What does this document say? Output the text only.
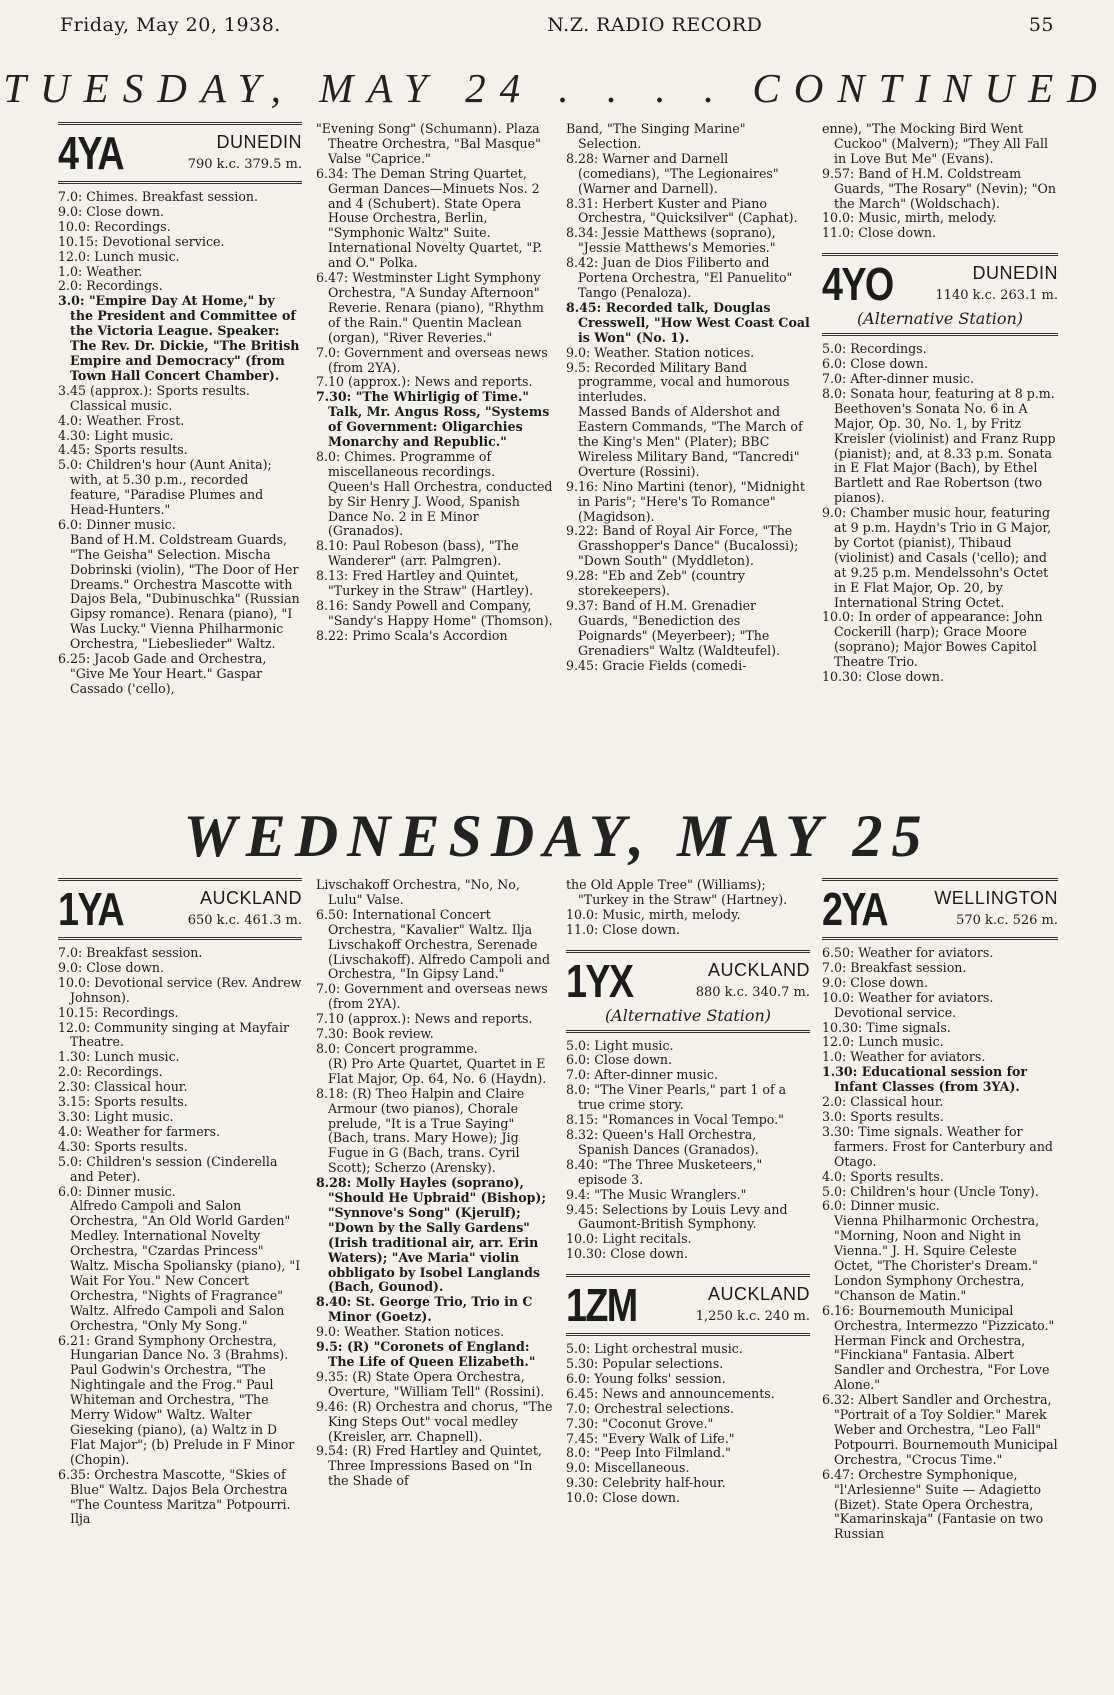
Friday, May 20, 1938.	N.Z. RADIO RECORD	55
TUESDAY, MAY 24 . . . . CONTINUED
4YA	DUNEDIN
790 k.c. 379.5 m.

7.0: Chimes. Breakfast session.

9.0: Close down.

10.0: Recordings.

10.15: Devotional service.

12.0: Lunch music.

1.0: Weather.

2.0: Recordings.

3.0: "Empire Day At Home," by the President and Committee of the Victoria League. Speaker: The Rev. Dr. Dickie, "The British Empire and Democracy" (from Town Hall Concert Chamber).

3.45 (approx.): Sports results. Classical music.

4.0: Weather. Frost.

4.30: Light music.

4.45: Sports results.

5.0: Children's hour (Aunt Anita); with, at 5.30 p.m., recorded feature, "Paradise Plumes and Head-Hunters."

6.0: Dinner music.

Band of H.M. Coldstream Guards, "The Geisha" Selection. Mischa Dobrinski (violin), "The Door of Her Dreams." Orchestra Mascotte with Dajos Bela, "Dubinuschka" (Russian Gipsy romance). Renara (piano), "I Was Lucky." Vienna Philharmonic Orchestra, "Liebeslieder" Waltz.

6.25: Jacob Gade and Orchestra, "Give Me Your Heart." Gaspar Cassado ('cello),

"Evening Song" (Schumann). Plaza Theatre Orchestra, "Bal Masque" Valse "Caprice."

6.34: The Deman String Quartet, German Dances—Minuets Nos. 2 and 4 (Schubert). State Opera House Orchestra, Berlin, "Symphonic Waltz" Suite. International Novelty Quartet, "P. and O." Polka.

6.47: Westminster Light Symphony Orchestra, "A Sunday Afternoon" Reverie. Renara (piano), "Rhythm of the Rain." Quentin Maclean (organ), "River Reveries."

7.0: Government and overseas news (from 2YA).

7.10 (approx.): News and reports.

7.30: "The Whirligig of Time." Talk, Mr. Angus Ross, "Systems of Government: Oligarchies Monarchy and Republic."

8.0: Chimes. Programme of miscellaneous recordings.

Queen's Hall Orchestra, conducted by Sir Henry J. Wood, Spanish Dance No. 2 in E Minor (Granados).

8.10: Paul Robeson (bass), "The Wanderer" (arr. Palmgren).

8.13: Fred Hartley and Quintet, "Turkey in the Straw" (Hartley).

8.16: Sandy Powell and Company, "Sandy's Happy Home" (Thomson).

8.22: Primo Scala's Accordion

Band, "The Singing Marine" Selection.

8.28: Warner and Darnell (comedians), "The Legionaires" (Warner and Darnell).

8.31: Herbert Kuster and Piano Orchestra, "Quicksilver" (Caphat).

8.34: Jessie Matthews (soprano), "Jessie Matthews's Memories."

8.42: Juan de Dios Filiberto and Portena Orchestra, "El Panuelito" Tango (Penaloza).

8.45: Recorded talk, Douglas Cresswell, "How West Coast Coal is Won" (No. 1).

9.0: Weather. Station notices.

9.5: Recorded Military Band programme, vocal and humorous interludes.

Massed Bands of Aldershot and Eastern Commands, "The March of the King's Men" (Plater); BBC Wireless Military Band, "Tancredi" Overture (Rossini).

9.16: Nino Martini (tenor), "Midnight in Paris"; "Here's To Romance" (Magidson).

9.22: Band of Royal Air Force, "The Grasshopper's Dance" (Bucalossi); "Down South" (Myddleton).

9.28: "Eb and Zeb" (country storekeepers).

9.37: Band of H.M. Grenadier Guards, "Benediction des Poignards" (Meyerbeer); "The Grenadiers" Waltz (Waldteufel).

9.45: Gracie Fields (comedi-

enne), "The Mocking Bird Went Cuckoo" (Malvern); "They All Fall in Love But Me" (Evans).

9.57: Band of H.M. Coldstream Guards, "The Rosary" (Nevin); "On the March" (Woldschach).

10.0: Music, mirth, melody.

11.0: Close down.

4YO	DUNEDIN
1140 k.c. 263.1 m.
(Alternative Station)

5.0: Recordings.

6.0: Close down.

7.0: After-dinner music.

8.0: Sonata hour, featuring at 8 p.m. Beethoven's Sonata No. 6 in A Major, Op. 30, No. 1, by Fritz Kreisler (violinist) and Franz Rupp (pianist); and, at 8.33 p.m. Sonata in E Flat Major (Bach), by Ethel Bartlett and Rae Robertson (two pianos).

9.0: Chamber music hour, featuring at 9 p.m. Haydn's Trio in G Major, by Cortot (pianist), Thibaud (violinist) and Casals ('cello); and at 9.25 p.m. Mendelssohn's Octet in E Flat Major, Op. 20, by International String Octet.

10.0: In order of appearance: John Cockerill (harp); Grace Moore (soprano); Major Bowes Capitol Theatre Trio.

10.30: Close down.

WEDNESDAY, MAY 25
1YA	AUCKLAND
650 k.c. 461.3 m.

7.0: Breakfast session.

9.0: Close down.

10.0: Devotional service (Rev. Andrew Johnson).

10.15: Recordings.

12.0: Community singing at Mayfair Theatre.

1.30: Lunch music.

2.0: Recordings.

2.30: Classical hour.

3.15: Sports results.

3.30: Light music.

4.0: Weather for farmers.

4.30: Sports results.

5.0: Children's session (Cinderella and Peter).

6.0: Dinner music.

Alfredo Campoli and Salon Orchestra, "An Old World Garden" Medley. International Novelty Orchestra, "Czardas Princess" Waltz. Mischa Spoliansky (piano), "I Wait For You." New Concert Orchestra, "Nights of Fragrance" Waltz. Alfredo Campoli and Salon Orchestra, "Only My Song."

6.21: Grand Symphony Orchestra, Hungarian Dance No. 3 (Brahms). Paul Godwin's Orchestra, "The Nightingale and the Frog." Paul Whiteman and Orchestra, "The Merry Widow" Waltz. Walter Gieseking (piano), (a) Waltz in D Flat Major"; (b) Prelude in F Minor (Chopin).

6.35: Orchestra Mascotte, "Skies of Blue" Waltz. Dajos Bela Orchestra "The Countess Maritza" Potpourri. Ilja

Livschakoff Orchestra, "No, No, Lulu" Valse.

6.50: International Concert Orchestra, "Kavalier" Waltz. Ilja Livschakoff Orchestra, Serenade (Livschakoff). Alfredo Campoli and Orchestra, "In Gipsy Land."

7.0: Government and overseas news (from 2YA).

7.10 (approx.): News and reports.

7.30: Book review.

8.0: Concert programme.

(R) Pro Arte Quartet, Quartet in E Flat Major, Op. 64, No. 6 (Haydn).

8.18: (R) Theo Halpin and Claire Armour (two pianos), Chorale prelude, "It is a True Saying" (Bach, trans. Mary Howe); Jig Fugue in G (Bach, trans. Cyril Scott); Scherzo (Arensky).

8.28: Molly Hayles (soprano), "Should He Upbraid" (Bishop); "Synnove's Song" (Kjerulf); "Down by the Sally Gardens" (Irish traditional air, arr. Erin Waters); "Ave Maria" violin obbligato by Isobel Langlands (Bach, Gounod).

8.40: St. George Trio, Trio in C Minor (Goetz).

9.0: Weather. Station notices.

9.5: (R) "Coronets of England: The Life of Queen Elizabeth."

9.35: (R) State Opera Orchestra, Overture, "William Tell" (Rossini).

9.46: (R) Orchestra and chorus, "The King Steps Out" vocal medley (Kreisler, arr. Chapnell).

9.54: (R) Fred Hartley and Quintet, Three Impressions Based on "In the Shade of

the Old Apple Tree" (Williams); "Turkey in the Straw" (Hartney).

10.0: Music, mirth, melody.

11.0: Close down.

1YX	AUCKLAND
880 k.c. 340.7 m.
(Alternative Station)

5.0: Light music.

6.0: Close down.

7.0: After-dinner music.

8.0: "The Viner Pearls," part 1 of a true crime story.

8.15: "Romances in Vocal Tempo."

8.32: Queen's Hall Orchestra, Spanish Dances (Granados).

8.40: "The Three Musketeers," episode 3.

9.4: "The Music Wranglers."

9.45: Selections by Louis Levy and Gaumont-British Symphony.

10.0: Light recitals.

10.30: Close down.

1ZM	AUCKLAND
1,250 k.c. 240 m.

5.0: Light orchestral music.

5.30: Popular selections.

6.0: Young folks' session.

6.45: News and announcements.

7.0: Orchestral selections.

7.30: "Coconut Grove."

7.45: "Every Walk of Life."

8.0: "Peep Into Filmland."

9.0: Miscellaneous.

9.30: Celebrity half-hour.

10.0: Close down.

2YA	WELLINGTON
570 k.c. 526 m.

6.50: Weather for aviators.

7.0: Breakfast session.

9.0: Close down.

10.0: Weather for aviators. Devotional service.

10.30: Time signals.

12.0: Lunch music.

1.0: Weather for aviators.

1.30: Educational session for Infant Classes (from 3YA).

2.0: Classical hour.

3.0: Sports results.

3.30: Time signals. Weather for farmers. Frost for Canterbury and Otago.

4.0: Sports results.

5.0: Children's hour (Uncle Tony).

6.0: Dinner music.

Vienna Philharmonic Orchestra, "Morning, Noon and Night in Vienna." J. H. Squire Celeste Octet, "The Chorister's Dream." London Symphony Orchestra, "Chanson de Matin."

6.16: Bournemouth Municipal Orchestra, Intermezzo "Pizzicato." Herman Finck and Orchestra, "Finckiana" Fantasia. Albert Sandler and Orchestra, "For Love Alone."

6.32: Albert Sandler and Orchestra, "Portrait of a Toy Soldier." Marek Weber and Orchestra, "Leo Fall" Potpourri. Bournemouth Municipal Orchestra, "Crocus Time."

6.47: Orchestre Symphonique, "l'Arlesienne" Suite — Adagietto (Bizet). State Opera Orchestra, "Kamarinskaja" (Fantasie on two Russian
